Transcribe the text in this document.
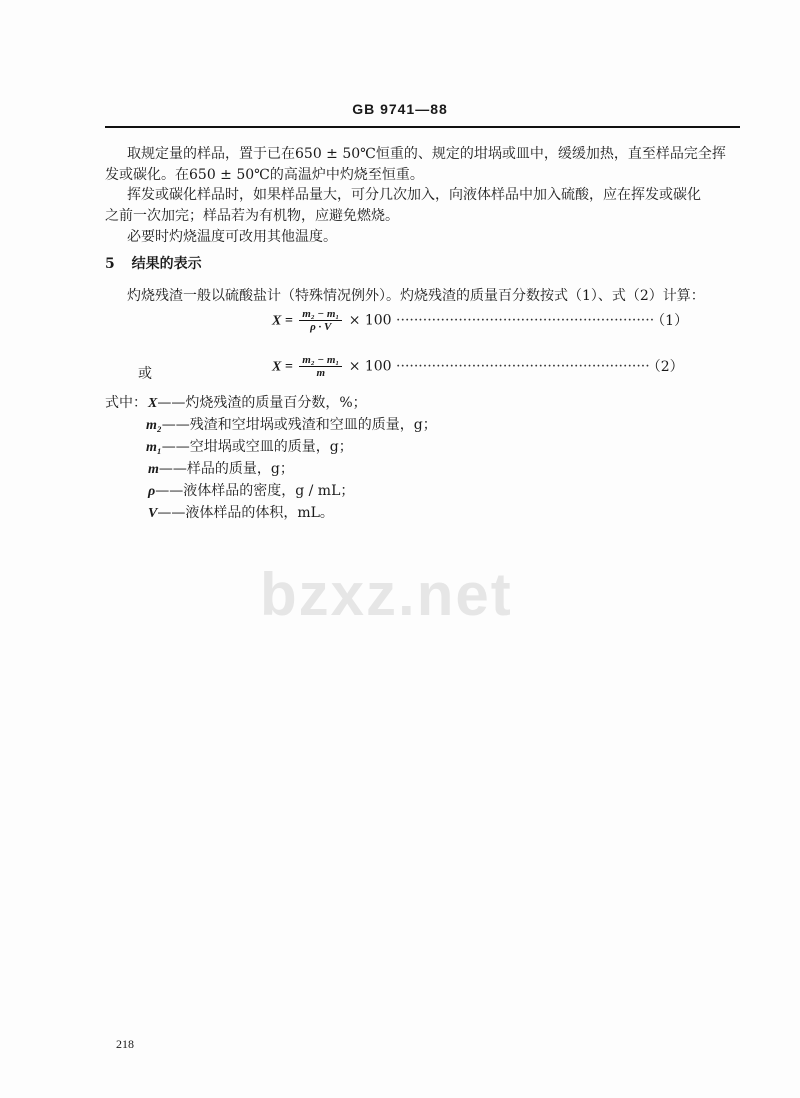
bzxz.net
GB 9741—88
取规定量的样品，置于已在650 ± 50℃恒重的、规定的坩埚或皿中，缓缓加热，直至样品完全挥
发或碳化。在650 ± 50℃的高温炉中灼烧至恒重。
挥发或碳化样品时，如果样品量大，可分几次加入，向液体样品中加入硫酸，应在挥发或碳化
之前一次加完；样品若为有机物，应避免燃烧。
必要时灼烧温度可改用其他温度。
5 结果的表示
灼烧残渣一般以硫酸盐计（特殊情况例外）。灼烧残渣的质量百分数按式（1）、式（2）计算：
$X = \frac{\text{m₂ − m₁}}{\rho \cdot V} \times 100$ ·························································· （1）
或	$X = \frac{\text{m₂ − m₁}}{m} \times 100$ ························································· （2）
式中： X——灼烧残渣的质量百分数，%；
m₂——残渣和空坩埚或残渣和空皿的质量，g；
m₁——空坩埚或空皿的质量，g；
m——样品的质量，g；
ρ——液体样品的密度，g / mL；
V——液体样品的体积，mL。
218
